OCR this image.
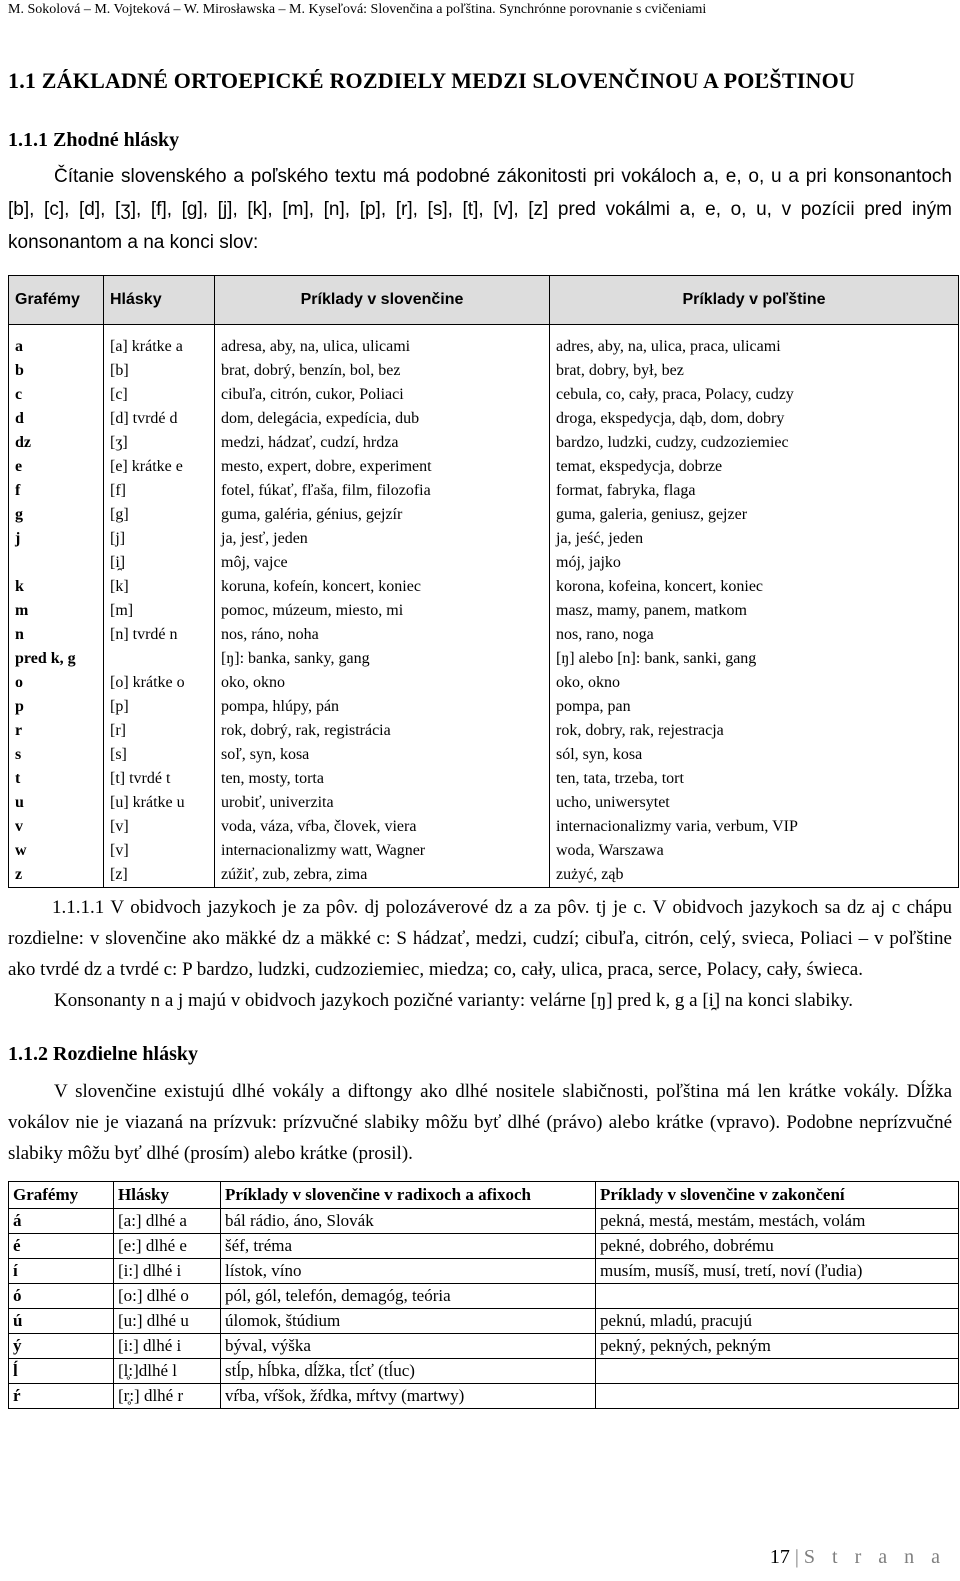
M. Sokolová – M. Vojteková – W. Mirosławska – M. Kyseľová: Slovenčina a poľština. Synchrónne porovnanie s cvičeniami
1.1 ZÁKLADNÉ ORTOEPICKÉ ROZDIELY MEDZI SLOVENČINOU A POĽŠTINOU
1.1.1 Zhodné hlásky
Čítanie slovenského a poľského textu má podobné zákonitosti pri vokáloch a, e, o, u a pri konsonantoch [b], [c], [d], [ʒ], [f], [g], [j], [k], [m], [n], [p], [r], [s], [t], [v], [z] pred vokálmi a, e, o, u, v pozícii pred iným konsonantom a na konci slov:
Grafémy	Hlásky	Príklady v slovenčine	Príklady v poľštine
a	[a] krátke a	adresa, aby, na, ulica, ulicami	adres, aby, na, ulica, praca, ulicami
b	[b]	brat, dobrý, benzín, bol, bez	brat, dobry, był, bez
c	[c]	cibuľa, citrón, cukor, Poliaci	cebula, co, cały, praca, Polacy, cudzy
d	[d] tvrdé d	dom, delegácia, expedícia, dub	droga, ekspedycja, dąb, dom, dobry
dz	[ʒ]	medzi, hádzať, cudzí, hrdza	bardzo, ludzki, cudzy, cudzoziemiec
e	[e] krátke e	mesto, expert, dobre, experiment	temat, ekspedycja, dobrze
f	[f]	fotel, fúkať, fľaša, film, filozofia	format, fabryka, flaga
g	[g]	guma, galéria, génius, gejzír	guma, galeria, geniusz, gejzer
j	[j]	ja, jesť, jeden	ja, jeść, jeden
	[i̯]	môj, vajce	mój, jajko
k	[k]	koruna, kofeín, koncert, koniec	korona, kofeina, koncert, koniec
m	[m]	pomoc, múzeum, miesto, mi	masz, mamy, panem, matkom
n	[n] tvrdé n	nos, ráno, noha	nos, rano, noga
pred k, g		[ŋ]: banka, sanky, gang	[ŋ] alebo [n]: bank, sanki, gang
o	[o] krátke o	oko, okno	oko, okno
p	[p]	pompa, hlúpy, pán	pompa, pan
r	[r]	rok, dobrý, rak, registrácia	rok, dobry, rak, rejestracja
s	[s]	soľ, syn, kosa	sól, syn, kosa
t	[t] tvrdé t	ten, mosty, torta	ten, tata, trzeba, tort
u	[u] krátke u	urobiť, univerzita	ucho, uniwersytet
v	[v]	voda, váza, vŕba, človek, viera	internacionalizmy varia, verbum, VIP
w	[v]	internacionalizmy watt, Wagner	woda, Warszawa
z	[z]	zúžiť, zub, zebra, zima	zużyć, ząb
1.1.1.1 V obidvoch jazykoch je za pôv. dj polozáverové dz a za pôv. tj je c. V obidvoch jazykoch sa dz aj c chápu rozdielne: v slovenčine ako mäkké dz a mäkké c: S hádzať, medzi, cudzí; cibuľa, citrón, celý, svieca, Poliaci – v poľštine ako tvrdé dz a tvrdé c: P bardzo, ludzki, cudzoziemiec, miedza; co, cały, ulica, praca, serce, Polacy, cały, świeca.
Konsonanty n a j majú v obidvoch jazykoch pozičné varianty: velárne [ŋ] pred k, g a [i̯] na konci slabiky.
1.1.2 Rozdielne hlásky
V slovenčine existujú dlhé vokály a diftongy ako dlhé nositele slabičnosti, poľština má len krátke vokály. Dĺžka vokálov nie je viazaná na prízvuk: prízvučné slabiky môžu byť dlhé (právo) alebo krátke (vpravo). Podobne neprízvučné slabiky môžu byť dlhé (prosím) alebo krátke (prosil).
Grafémy	Hlásky	Príklady v slovenčine v radixoch a afixoch	Príklady v slovenčine v zakončení
á	[a:] dlhé a	bál rádio, áno, Slovák	pekná, mestá, mestám, mestách, volám
é	[e:] dlhé e	šéf, tréma	pekné, dobrého, dobrému
í	[i:] dlhé i	lístok, víno	musím, musíš, musí, tretí, noví (ľudia)
ó	[o:] dlhé o	pól, gól, telefón, demagóg, teória	
ú	[u:] dlhé u	úlomok, štúdium	peknú, mladú, pracujú
ý	[i:] dlhé i	býval, výška	pekný, pekných, pekným
ĺ	[l̥:]dlhé l	stĺp, hĺbka, dĺžka, tĺcť (tĺuc)	
ŕ	[r̥:] dlhé r	vŕba, vŕšok, žŕdka, mŕtvy (martwy)	
17 | S t r a n a
